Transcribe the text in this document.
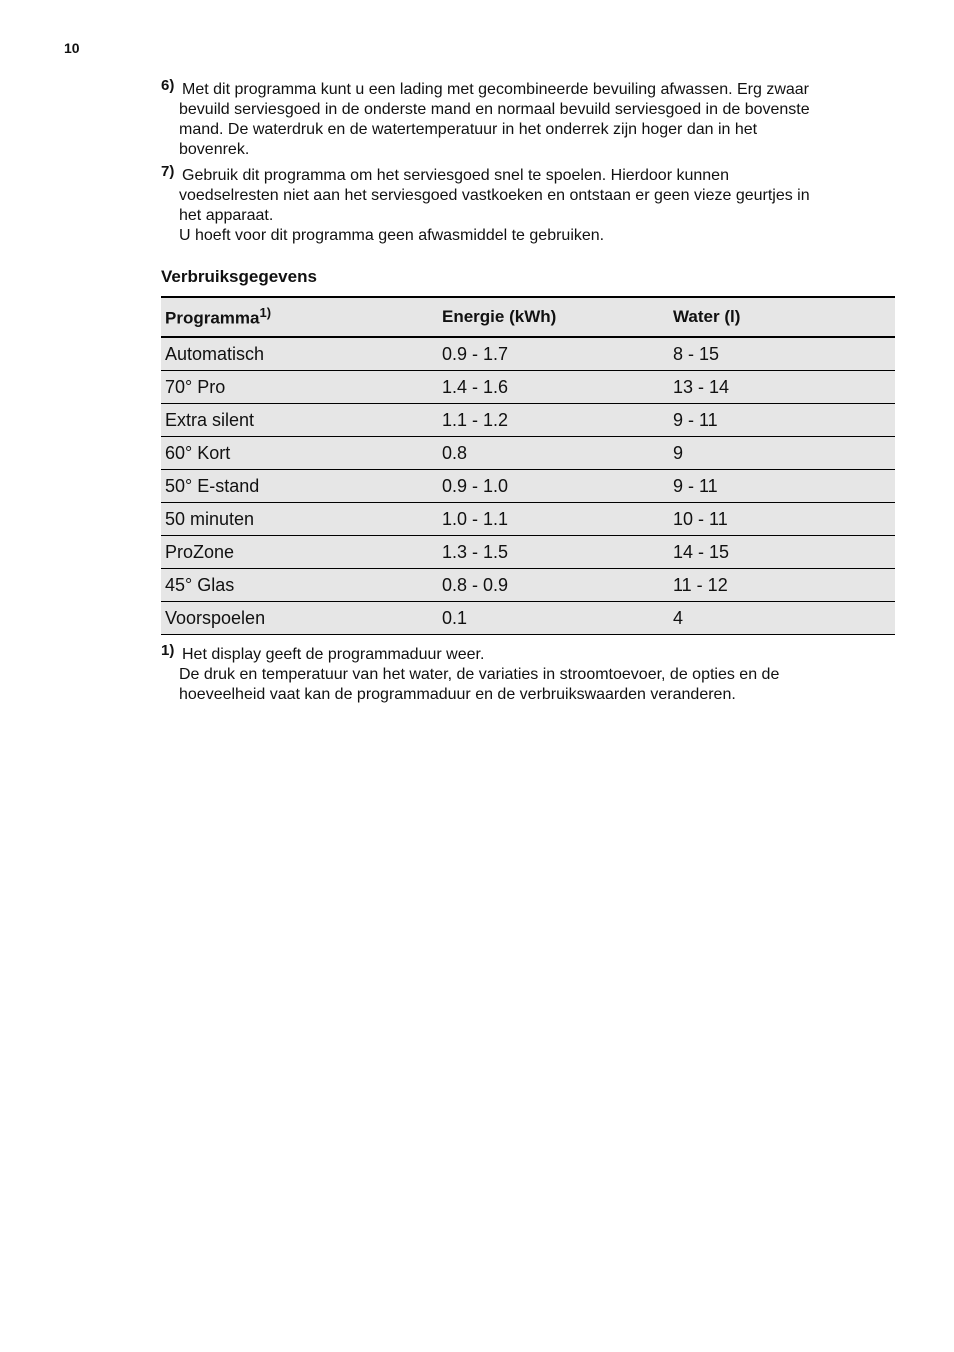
10
6) Met dit programma kunt u een lading met gecombineerde bevuiling afwassen. Erg zwaar
bevuild serviesgoed in de onderste mand en normaal bevuild serviesgoed in de bovenste
mand. De waterdruk en de watertemperatuur in het onderrek zijn hoger dan in het
bovenrek.
7) Gebruik dit programma om het serviesgoed snel te spoelen. Hierdoor kunnen
voedselresten niet aan het serviesgoed vastkoeken en ontstaan er geen vieze geurtjes in
het apparaat.
U hoeft voor dit programma geen afwasmiddel te gebruiken.
Verbruiksgegevens
Programma$^{1)}$	Energie (kWh)	Water (l)
Automatisch	0.9 - 1.7	8 - 15
70° Pro	1.4 - 1.6	13 - 14
Extra silent	1.1 - 1.2	9 - 11
60° Kort	0.8	9
50° E-stand	0.9 - 1.0	9 - 11
50 minuten	1.0 - 1.1	10 - 11
ProZone	1.3 - 1.5	14 - 15
45° Glas	0.8 - 0.9	11 - 12
Voorspoelen	0.1	4
1) Het display geeft de programmaduur weer.
De druk en temperatuur van het water, de variaties in stroomtoevoer, de opties en de
hoeveelheid vaat kan de programmaduur en de verbruikswaarden veranderen.
